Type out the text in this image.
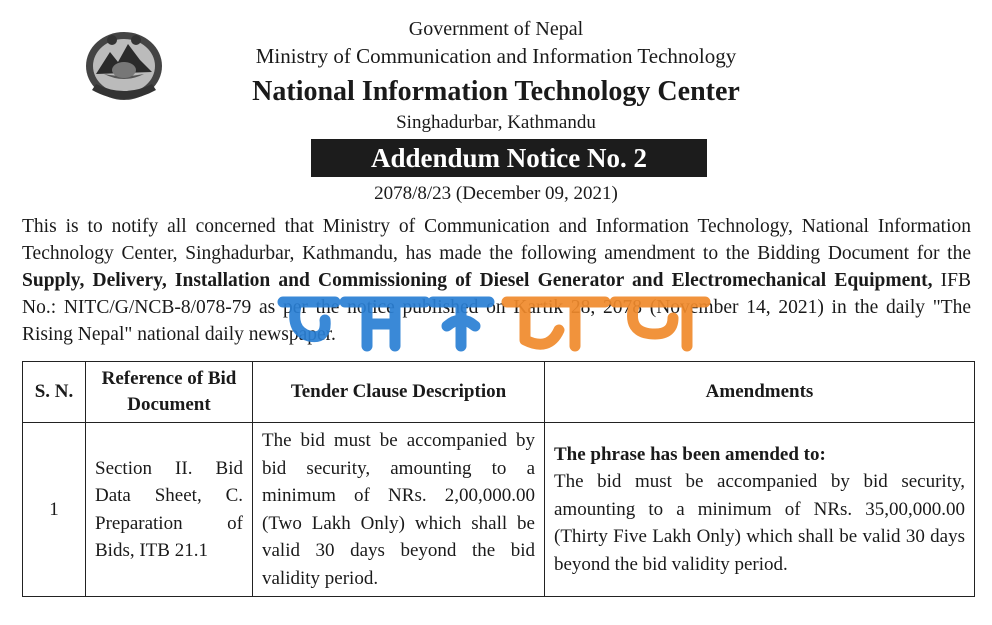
Government of Nepal
Ministry of Communication and Information Technology
National Information Technology Center
Singhadurbar, Kathmandu
Addendum Notice No. 2
2078/8/23 (December 09, 2021)
This is to notify all concerned that Ministry of Communication and Information Technology, National Information Technology Center, Singhadurbar, Kathmandu, has made the following amendment to the Bidding Document for the Supply, Delivery, Installation and Commissioning of Diesel Generator and Electromechanical Equipment, IFB No.: NITC/G/NCB-8/078-79 as per the notice published on Kartik 28, 2078 (November 14, 2021) in the daily "The Rising Nepal" national daily newspaper.
S. N.	Reference of Bid Document	Tender Clause Description	Amendments
1	Section II. Bid Data Sheet, C. Preparation of Bids, ITB 21.1	The bid must be accompanied by bid security, amounting to a minimum of NRs. 2,00,000.00 (Two Lakh Only) which shall be valid 30 days beyond the bid validity period.	The phrase has been amended to:
The bid must be accompanied by bid security, amounting to a minimum of NRs. 35,00,000.00 (Thirty Five Lakh Only) which shall be valid 30 days beyond the bid validity period.
